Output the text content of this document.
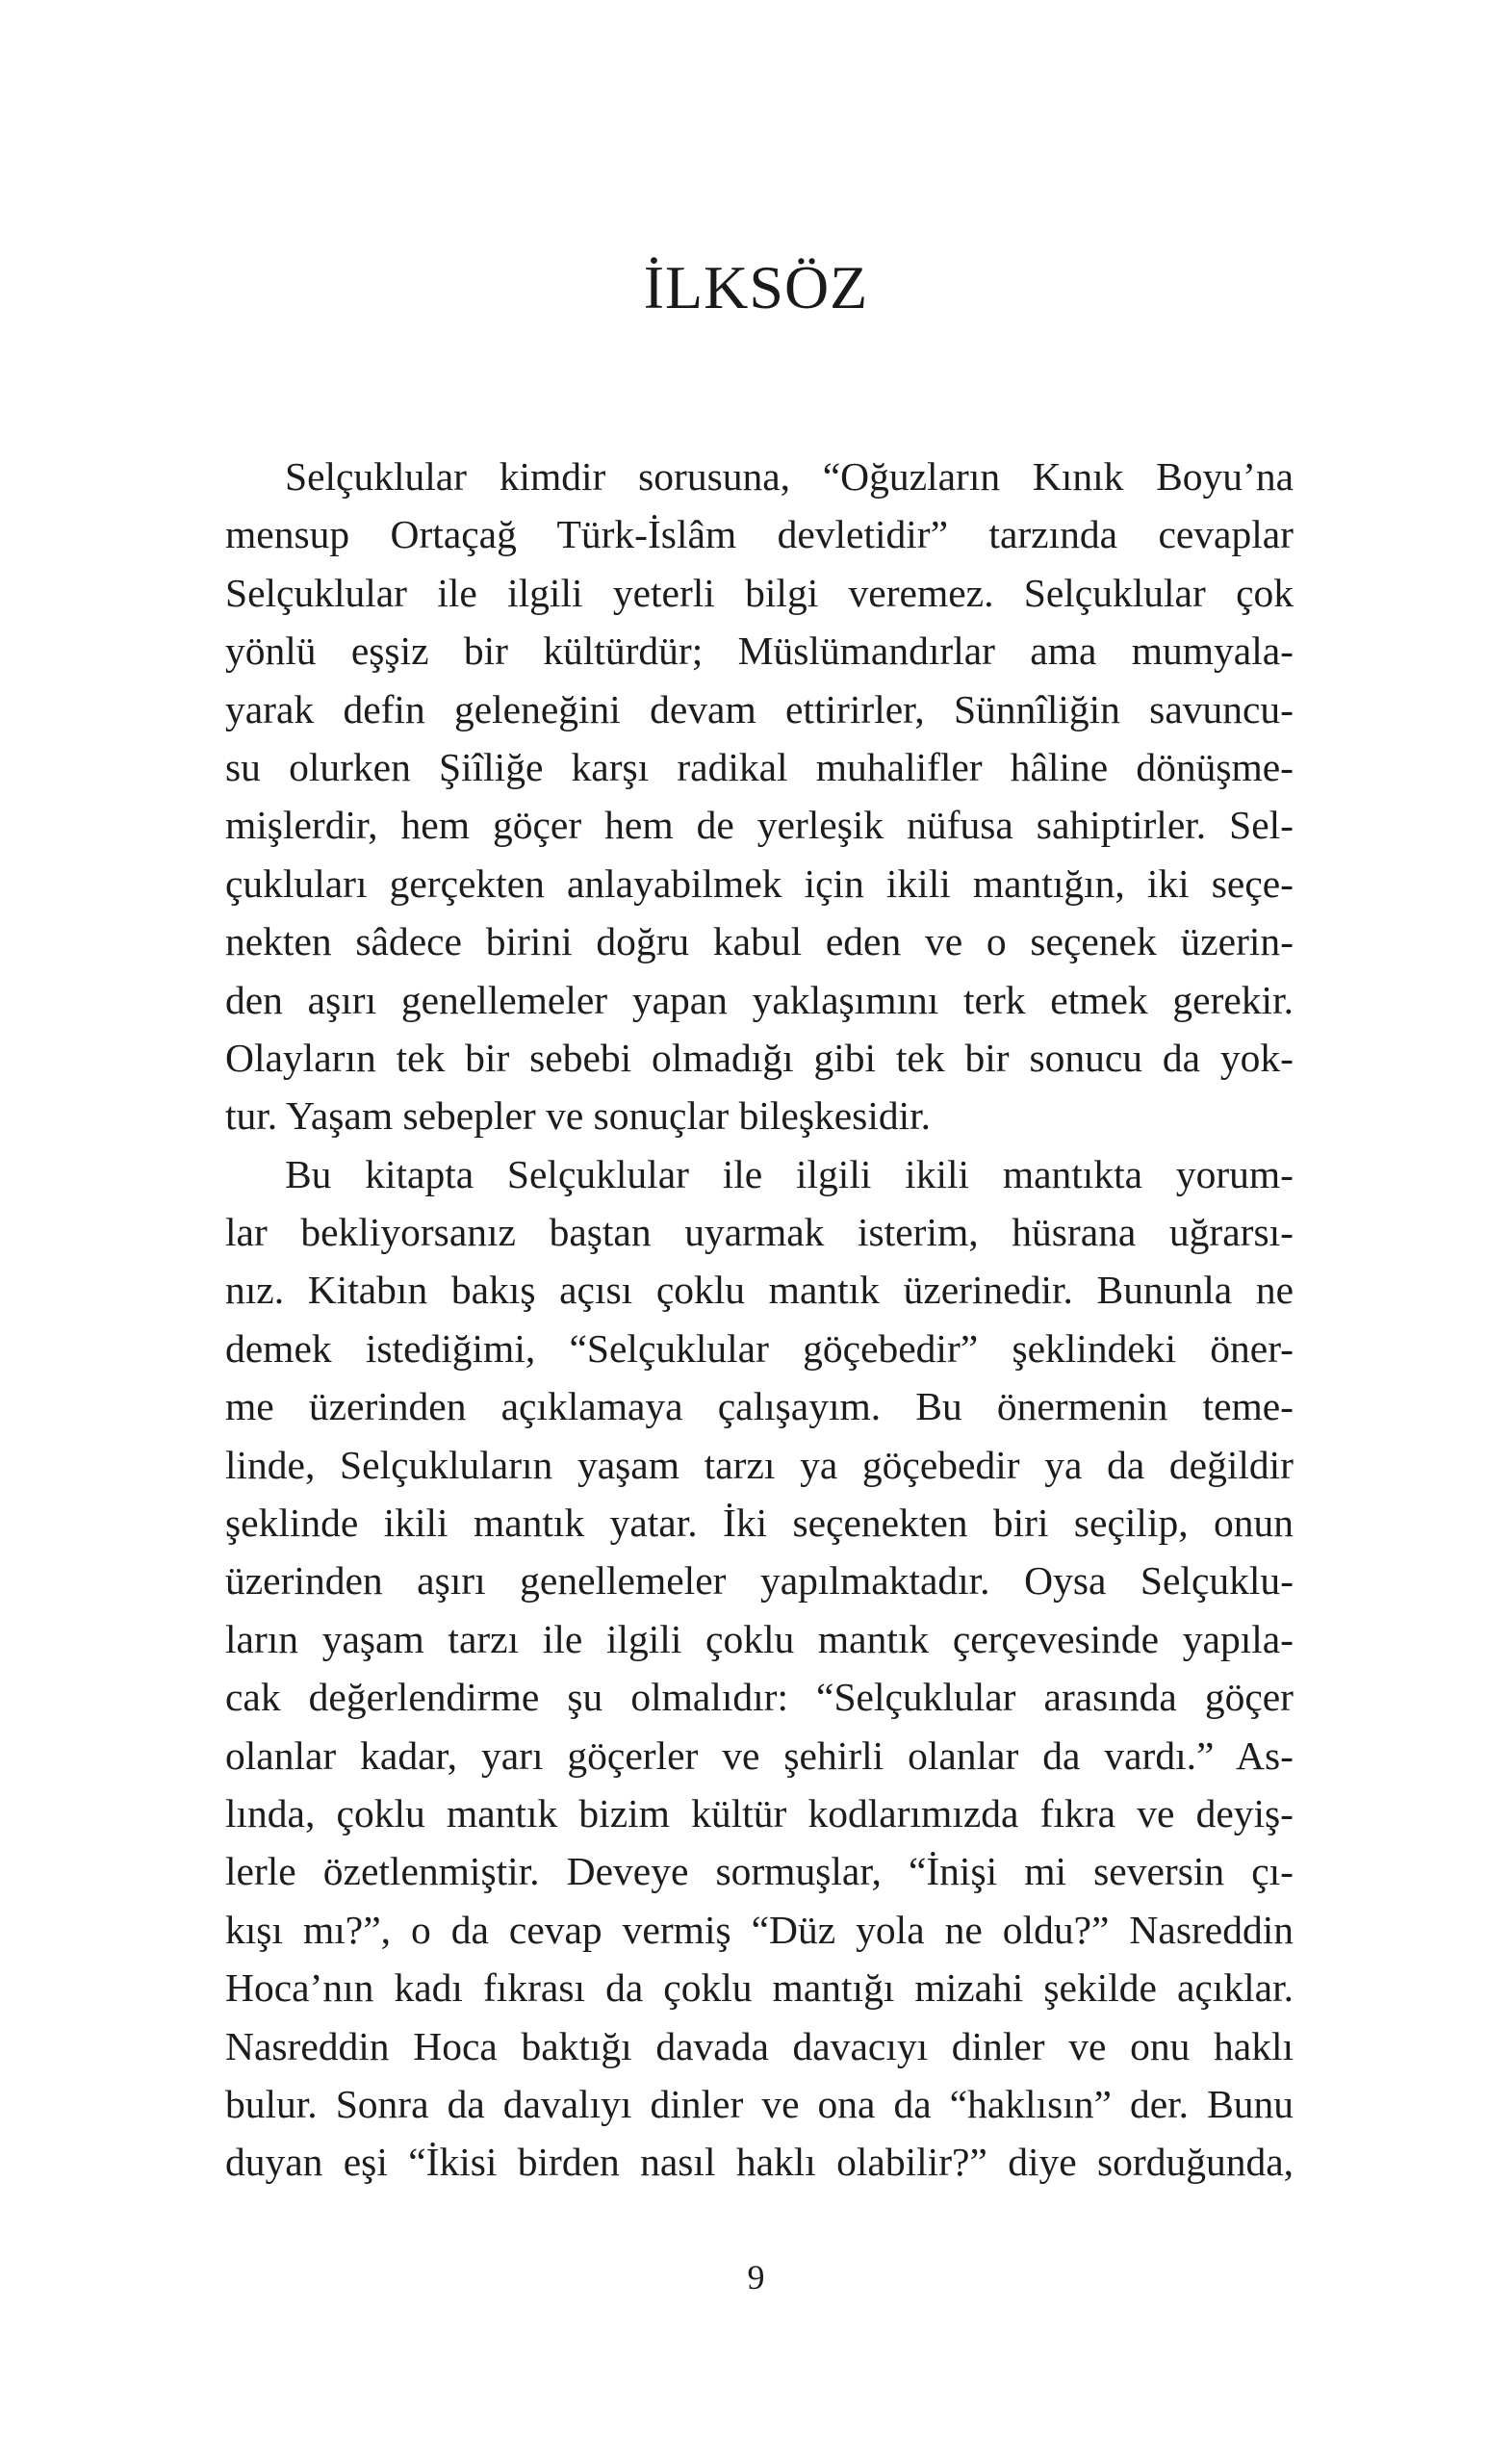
İLKSÖZ
Selçuklular kimdir sorusuna, “Oğuzların Kınık Boyu’na
mensup Ortaçağ Türk-İslâm devletidir” tarzında cevaplar
Selçuklular ile ilgili yeterli bilgi veremez. Selçuklular çok
yönlü eşşiz bir kültürdür; Müslümandırlar ama mumyala-
yarak defin geleneğini devam ettirirler, Sünnîliğin savuncu-
su olurken Şiîliğe karşı radikal muhalifler hâline dönüşme-
mişlerdir, hem göçer hem de yerleşik nüfusa sahiptirler. Sel-
çukluları gerçekten anlayabilmek için ikili mantığın, iki seçe-
nekten sâdece birini doğru kabul eden ve o seçenek üzerin-
den aşırı genellemeler yapan yaklaşımını terk etmek gerekir.
Olayların tek bir sebebi olmadığı gibi tek bir sonucu da yok-
tur. Yaşam sebepler ve sonuçlar bileşkesidir.
Bu kitapta Selçuklular ile ilgili ikili mantıkta yorum-
lar bekliyorsanız baştan uyarmak isterim, hüsrana uğrarsı-
nız. Kitabın bakış açısı çoklu mantık üzerinedir. Bununla ne
demek istediğimi, “Selçuklular göçebedir” şeklindeki öner-
me üzerinden açıklamaya çalışayım. Bu önermenin teme-
linde, Selçukluların yaşam tarzı ya göçebedir ya da değildir
şeklinde ikili mantık yatar. İki seçenekten biri seçilip, onun
üzerinden aşırı genellemeler yapılmaktadır. Oysa Selçuklu-
ların yaşam tarzı ile ilgili çoklu mantık çerçevesinde yapıla-
cak değerlendirme şu olmalıdır: “Selçuklular arasında göçer
olanlar kadar, yarı göçerler ve şehirli olanlar da vardı.” As-
lında, çoklu mantık bizim kültür kodlarımızda fıkra ve deyiş-
lerle özetlenmiştir. Deveye sormuşlar, “İnişi mi seversin çı-
kışı mı?”, o da cevap vermiş “Düz yola ne oldu?” Nasreddin
Hoca’nın kadı fıkrası da çoklu mantığı mizahi şekilde açıklar.
Nasreddin Hoca baktığı davada davacıyı dinler ve onu haklı
bulur. Sonra da davalıyı dinler ve ona da “haklısın” der. Bunu
duyan eşi “İkisi birden nasıl haklı olabilir?” diye sorduğunda,
9
